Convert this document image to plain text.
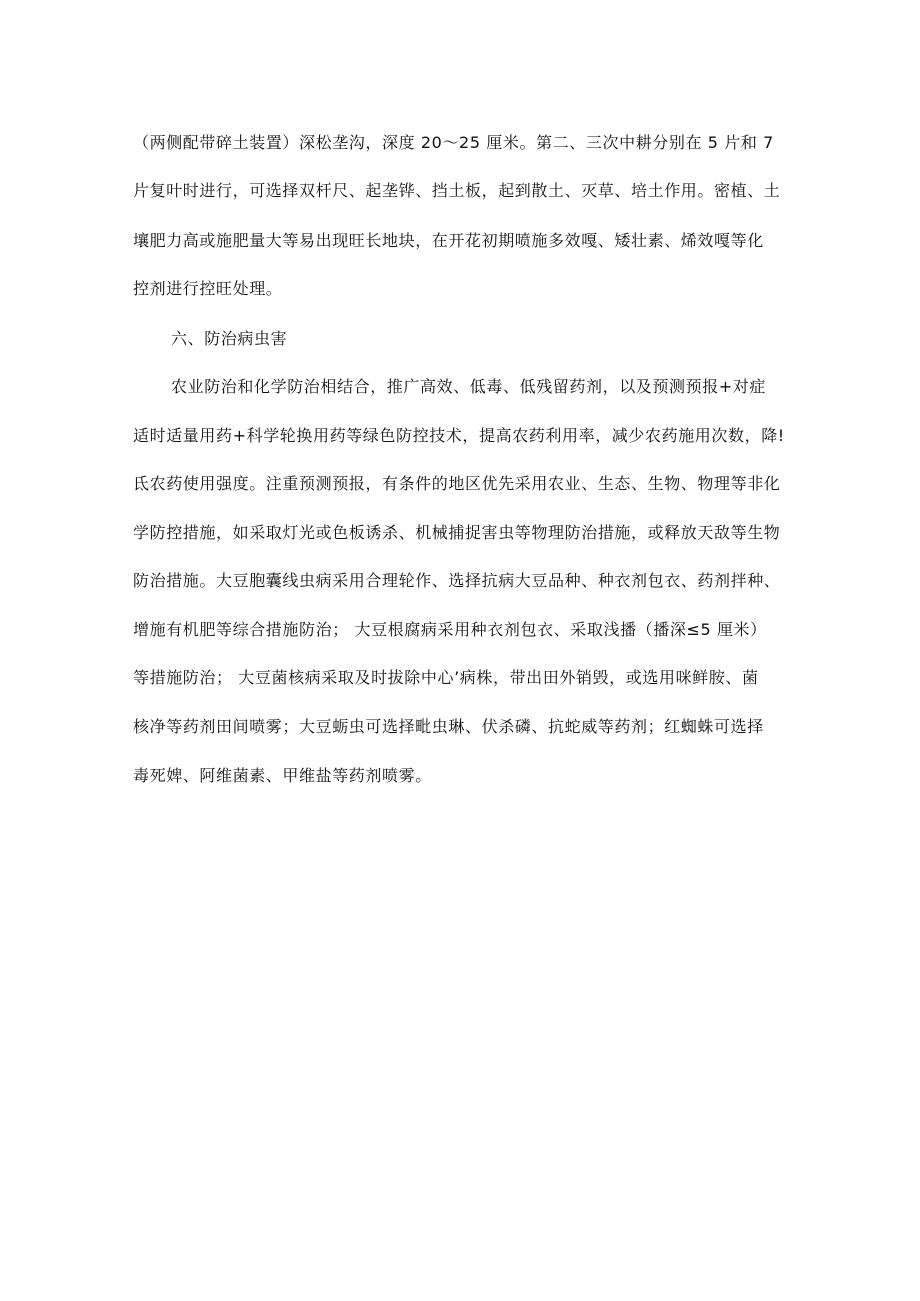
（两侧配带碎土装置）深松垄沟，深度 20～25 厘米。第二、三次中耕分别在 5 片和 7
片复叶时进行，可选择双杆尺、起垄铧、挡土板，起到散土、灭草、培土作用。密植、土
壤肥力高或施肥量大等易出现旺长地块，在开花初期喷施多效嘎、矮壮素、烯效嘎等化
控剂进行控旺处理。
六、防治病虫害
农业防治和化学防治相结合，推广高效、低毒、低残留药剂，以及预测预报+对症
适时适量用药+科学轮换用药等绿色防控技术，提高农药利用率，减少农药施用次数，降!
氐农药使用强度。注重预测预报，有条件的地区优先采用农业、生态、生物、物理等非化
学防控措施，如采取灯光或色板诱杀、机械捕捉害虫等物理防治措施，或释放天敌等生物
防治措施。大豆胞囊线虫病采用合理轮作、选择抗病大豆品种、种衣剂包衣、药剂拌种、
增施有机肥等综合措施防治； 大豆根腐病采用种衣剂包衣、采取浅播（播深≤5 厘米）
等措施防治； 大豆菌核病采取及时拔除中心’病株，带出田外销毁，或选用咪鲜胺、菌
核净等药剂田间喷雾；大豆蛎虫可选择毗虫琳、伏杀磷、抗蛇威等药剂；红蜘蛛可选择
毒死婢、阿维菌素、甲维盐等药剂喷雾。
